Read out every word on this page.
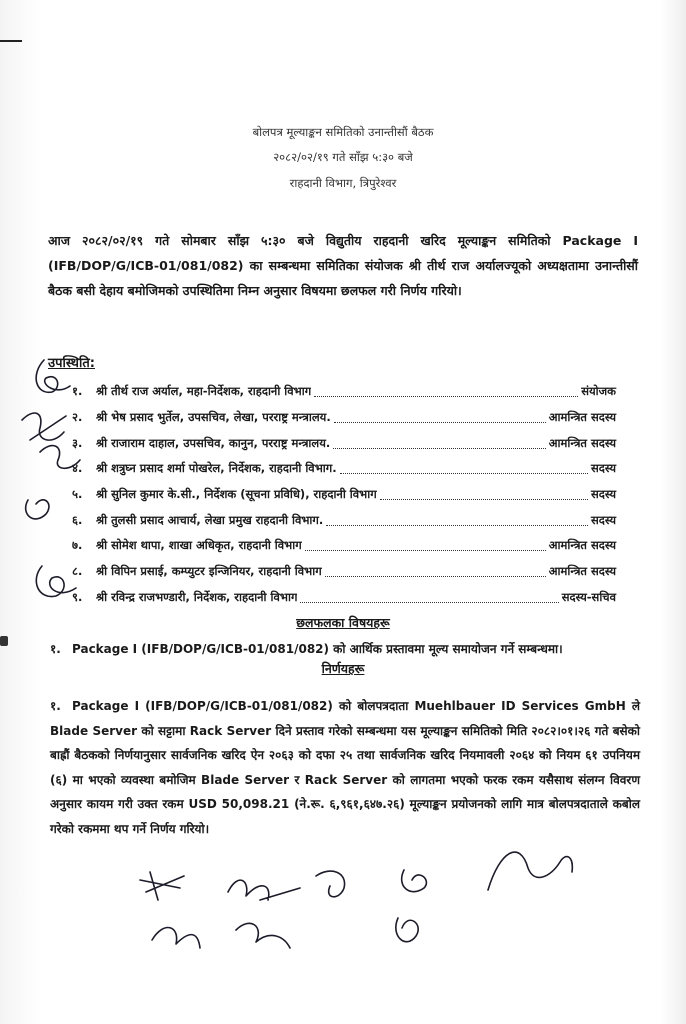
बोलपत्र मूल्याङ्कन समितिको उनान्तीसौं बैठक
२०८२/०२/१९ गते साँझ ५:३० बजे
राहदानी विभाग, त्रिपुरेश्वर
आज २०८२/०२/१९ गते सोमबार साँझ ५:३० बजे विद्युतीय राहदानी खरिद मूल्याङ्कन समितिको Package I (IFB/DOP/G/ICB-01/081/082) का सम्बन्धमा समितिका संयोजक श्री तीर्थ राज अर्यालज्यूको अध्यक्षतामा उनान्तीसौं बैठक बसी देहाय बमोजिमको उपस्थितिमा निम्न अनुसार विषयमा छलफल गरी निर्णय गरियो।
उपस्थिति:
१.	श्री तीर्थ राज अर्याल, महा-निर्देशक, राहदानी विभाग	संयोजक
२.	श्री भेष प्रसाद भुर्तेल, उपसचिव, लेखा, परराष्ट्र मन्त्रालय.	आमन्त्रित सदस्य
३.	श्री राजाराम दाहाल, उपसचिव, कानुन, परराष्ट्र मन्त्रालय.	आमन्त्रित सदस्य
४.	श्री शत्रुघ्न प्रसाद शर्मा पोखरेल, निर्देशक, राहदानी विभाग.	सदस्य
५.	श्री सुनिल कुमार के.सी., निर्देशक (सूचना प्रविधि), राहदानी विभाग	सदस्य
६.	श्री तुलसी प्रसाद आचार्य, लेखा प्रमुख राहदानी विभाग.	सदस्य
७.	श्री सोमेश थापा, शाखा अधिकृत, राहदानी विभाग	आमन्त्रित सदस्य
८.	श्री विपिन प्रसाई, कम्प्युटर इन्जिनियर, राहदानी विभाग	आमन्त्रित सदस्य
९.	श्री रविन्द्र राजभण्डारी, निर्देशक, राहदानी विभाग	सदस्य-सचिव
छलफलका विषयहरू
१. Package I (IFB/DOP/G/ICB-01/081/082) को आर्थिक प्रस्तावमा मूल्य समायोजन गर्ने सम्बन्धमा।
निर्णयहरू
१. Package I (IFB/DOP/G/ICB-01/081/082) को बोलपत्रदाता Muehlbauer ID Services GmbH ले Blade Server को सट्टामा Rack Server दिने प्रस्ताव गरेको सम्बन्धमा यस मूल्याङ्कन समितिको मिति २०८२।०१।२६ गते बसेको बाह्रौं बैठकको निर्णयानुसार सार्वजनिक खरिद ऐन २०६३ को दफा २५ तथा सार्वजनिक खरिद नियमावली २०६४ को नियम ६१ उपनियम (६) मा भएको व्यवस्था बमोजिम Blade Server र Rack Server को लागतमा भएको फरक रकम यसैसाथ संलग्न विवरण अनुसार कायम गरी उक्त रकम USD 50,098.21 (ने.रू. ६,९६१,६४७.२६) मूल्याङ्कन प्रयोजनको लागि मात्र बोलपत्रदाताले कबोल गरेको रकममा थप गर्ने निर्णय गरियो।
